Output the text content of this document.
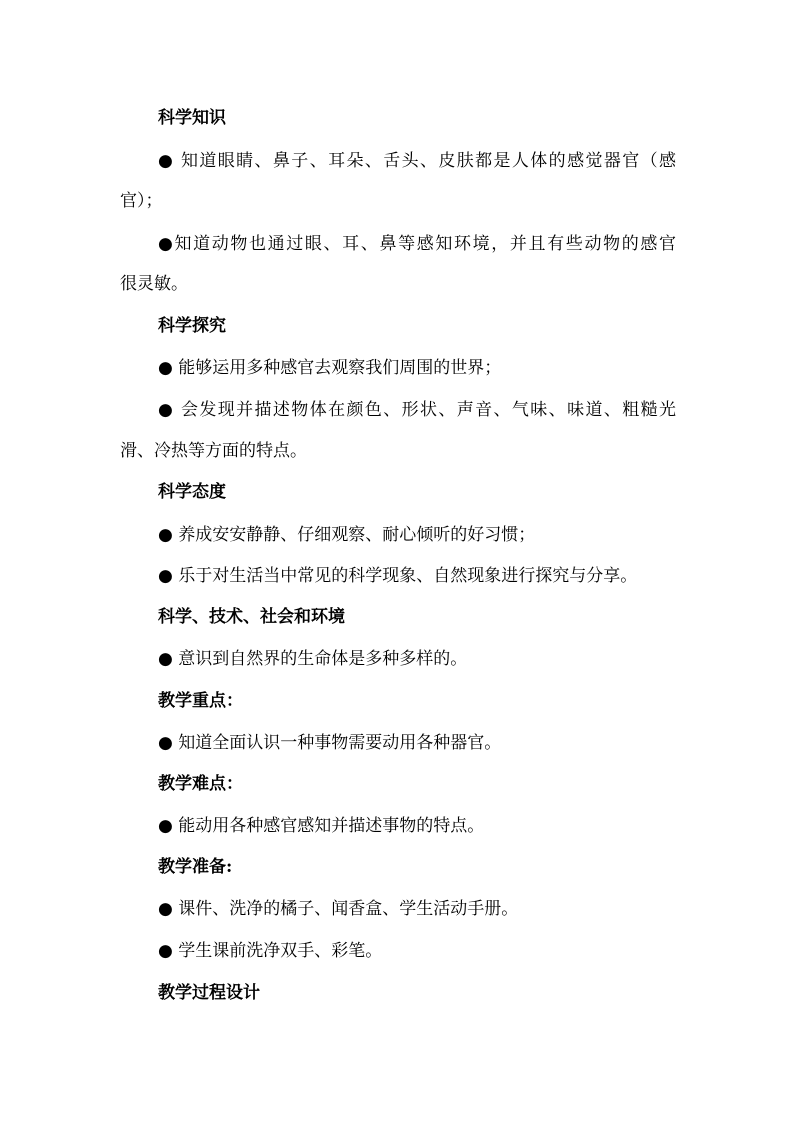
科学知识
● 知道眼睛、鼻子、耳朵、舌头、皮肤都是人体的感觉器官（感
官）；
●知道动物也通过眼、耳、鼻等感知环境，并且有些动物的感官
很灵敏。
科学探究
● 能够运用多种感官去观察我们周围的世界；
● 会发现并描述物体在颜色、形状、声音、气味、味道、粗糙光
滑、冷热等方面的特点。
科学态度
● 养成安安静静、仔细观察、耐心倾听的好习惯；
● 乐于对生活当中常见的科学现象、自然现象进行探究与分享。
科学、技术、社会和环境
● 意识到自然界的生命体是多种多样的。
教学重点：
● 知道全面认识一种事物需要动用各种器官。
教学难点：
● 能动用各种感官感知并描述事物的特点。
教学准备:
● 课件、洗净的橘子、闻香盒、学生活动手册。
● 学生课前洗净双手、彩笔。
教学过程设计
